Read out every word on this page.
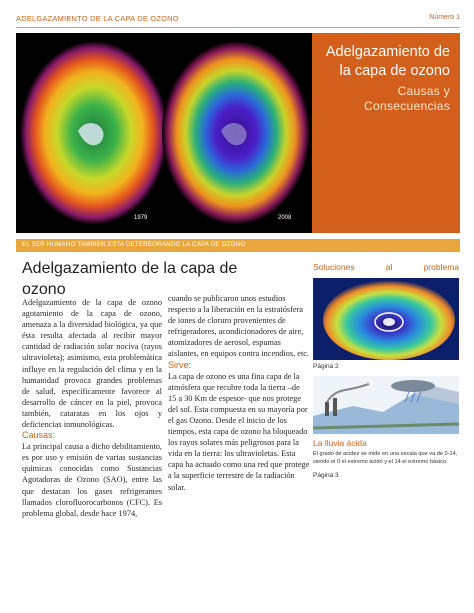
ADELGAZAMIENTO DE LA CAPA DE OZONO	Número 1
1979	2008
Adelgazamiento de la capa de ozono
Causas y Consecuencias
EL SER HUMANO TAMBIEN ESTA DETEREORANDO LA CAPA DE OZONO
Adelgazamiento de la capa de ozono

Adelgazamiento de la capa de ozono agotamiento de la capa de ozono, amenaza a la diversidad biológica, ya que ésta resulta afectada al recibir mayor cantidad de radiación solar nociva (rayos ultravioleta); asimismo, esta problemática influye en la regulación del clima y en la humanidad provoca grandes problemas de salud, específicamente favorece al desarrollo de cáncer en la piel, provoca también, cataratas en los ojos y deficiencias inmunológicas.

Causas:

La principal causa a dicho debilitamiento, es por uso y emisión de varias sustancias químicas conocidas como Sustancias Agotadoras de Ozono (SAO), entre las que destacan los gases refrigerantes llamados clorofluorocarbonos (CFC). Es problema global, desde hace 1974,

cuando se publicaron unos estudios respecto a la liberación en la estratósfera de iones de cloruro provenientes de refrigeradores, acondicionadores de aire, atomizadores de aerosol, espumas aislantes, en equipos contra incendios, etc.

Sirve:

La capa de ozono es una fina capa de la atmósfera que recubre toda la tierra –de 15 a 30 Km de espesor- que nos protege del sol. Esta compuesta en su mayoría por el gas Ozono. Desde el inicio de los tiempos, esta capa de ozono ha bloqueado los rayos solares más peligrosos para la vida en la tierra: los ultravioletas. Esta capa ha actuado como una red que protege a la superficie terrestre de la radiación solar.

Soluciones	al	problema
Página 2
La lluvia ácida
El grado de acidez se mide en una escala que va de 0-14, siendo el 0 el extremo ácido y el 14 el extremo básico.
Página 3
